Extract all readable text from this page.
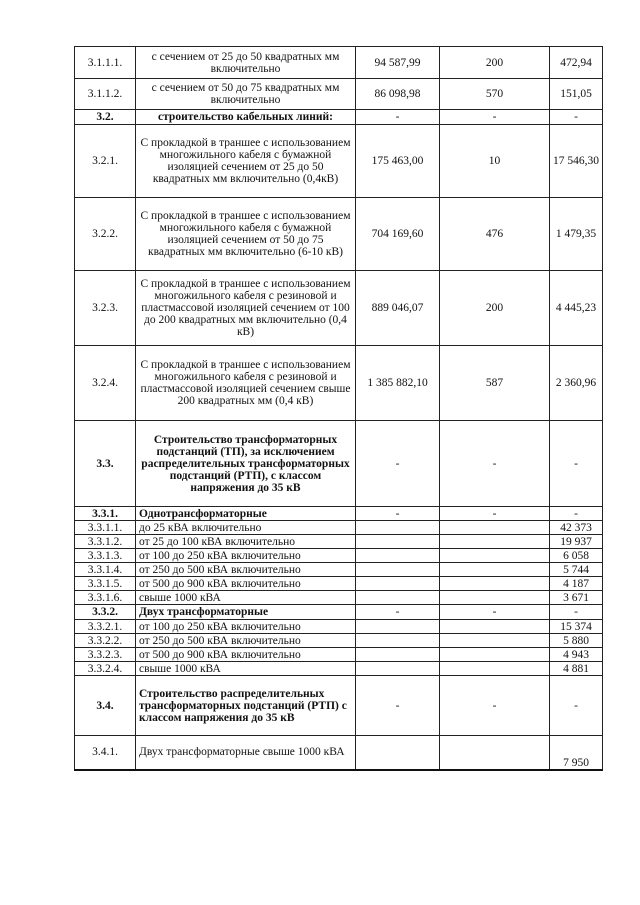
3.1.1.1.	с сечением от 25 до 50 квадратных мм включительно	94 587,99	200	472,94
3.1.1.2.	с сечением от 50 до 75 квадратных мм включительно	86 098,98	570	151,05
3.2.	строительство кабельных линий:	-	-	-
3.2.1.	С прокладкой в траншее с использованием многожильного кабеля с бумажной изоляцией сечением от 25 до 50 квадратных мм включительно (0,4кВ)	175 463,00	10	17 546,30
3.2.2.	С прокладкой в траншее с использованием многожильного кабеля с бумажной изоляцией сечением от 50 до 75 квадратных мм включительно (6-10 кВ)	704 169,60	476	1 479,35
3.2.3.	С прокладкой в траншее с использованием многожильного кабеля с резиновой и пластмассовой изоляцией сечением от 100 до 200 квадратных мм включительно (0,4 кВ)	889 046,07	200	4 445,23
3.2.4.	С прокладкой в траншее с использованием многожильного кабеля с резиновой и пластмассовой изоляцией сечением свыше 200 квадратных мм (0,4 кВ)	1 385 882,10	587	2 360,96
3.3.	Строительство трансформаторных подстанций (ТП), за исключением распределительных трансформаторных подстанций (РТП), с классом напряжения до 35 кВ	-	-	-
3.3.1.	Однотрансформаторные	-	-	-
3.3.1.1.	до 25 кВА включительно			42 373
3.3.1.2.	от 25 до 100 кВА включительно			19 937
3.3.1.3.	от 100 до 250 кВА включительно			6 058
3.3.1.4.	от 250 до 500 кВА включительно			5 744
3.3.1.5.	от 500 до 900 кВА включительно			4 187
3.3.1.6.	свыше 1000 кВА			3 671
3.3.2.	Двух трансформаторные	-	-	-
3.3.2.1.	от 100 до 250 кВА включительно			15 374
3.3.2.2.	от 250 до 500 кВА включительно			5 880
3.3.2.3.	от 500 до 900 кВА включительно			4 943
3.3.2.4.	свыше 1000 кВА			4 881
3.4.	Строительство распределительных трансформаторных подстанций (РТП) с классом напряжения до 35 кВ	-	-	-
3.4.1.	Двух трансформаторные свыше 1000 кВА			7 950
